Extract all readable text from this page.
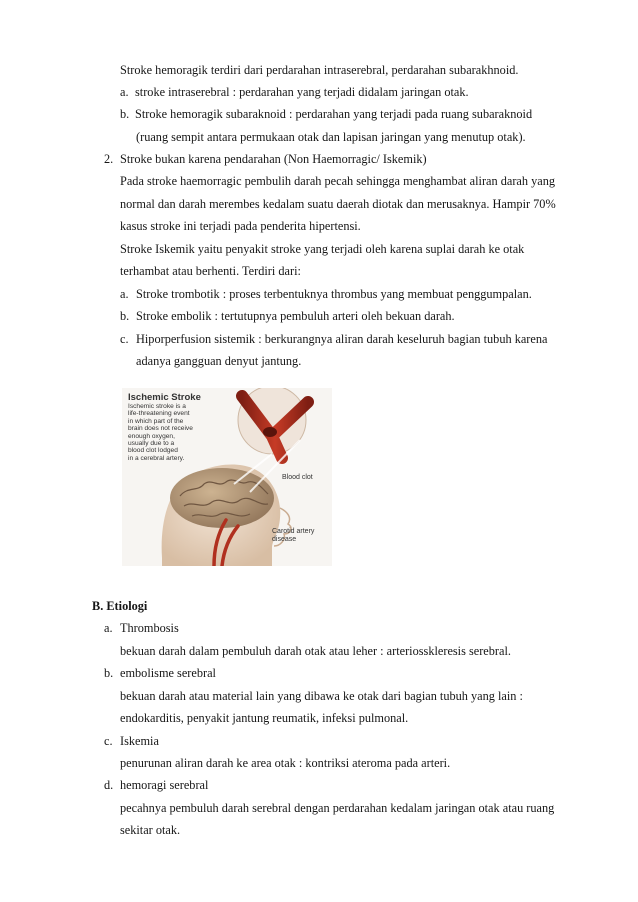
Stroke hemoragik terdiri dari perdarahan intraserebral, perdarahan subarakhnoid.
a. stroke intraserebral : perdarahan yang terjadi didalam jaringan otak.
b. Stroke hemoragik subaraknoid : perdarahan yang terjadi pada ruang subaraknoid
(ruang sempit antara permukaan otak dan lapisan jaringan yang menutup otak).
2. Stroke bukan karena pendarahan (Non Haemorragic/ Iskemik)
Pada stroke haemorragic pembulih darah pecah sehingga menghambat aliran darah yang
normal dan darah merembes kedalam suatu daerah diotak dan merusaknya. Hampir 70%
kasus stroke ini terjadi pada penderita hipertensi.
Stroke Iskemik yaitu penyakit stroke yang terjadi oleh karena suplai darah ke otak
terhambat atau berhenti. Terdiri dari:
a. Stroke trombotik : proses terbentuknya thrombus yang membuat penggumpalan.
b. Stroke embolik : tertutupnya pembuluh arteri oleh bekuan darah.
c. Hiporperfusion sistemik : berkurangnya aliran darah keseluruh bagian tubuh karena
adanya gangguan denyut jantung.
Ischemic Stroke
Ischemic stroke is a
life-threatening event
in which part of the
brain does not receive
enough oxygen,
usually due to a
blood clot lodged
in a cerebral artery.
Blood clot
Carotid artery
disease
B. Etiologi
a. Thrombosis
bekuan darah dalam pembuluh darah otak atau leher : arteriosskleresis serebral.
b. embolisme serebral
bekuan darah atau material lain yang dibawa ke otak dari bagian tubuh yang lain :
endokarditis, penyakit jantung reumatik, infeksi pulmonal.
c. Iskemia
penurunan aliran darah ke area otak : kontriksi ateroma pada arteri.
d. hemoragi serebral
pecahnya pembuluh darah serebral dengan perdarahan kedalam jaringan otak atau ruang
sekitar otak.
